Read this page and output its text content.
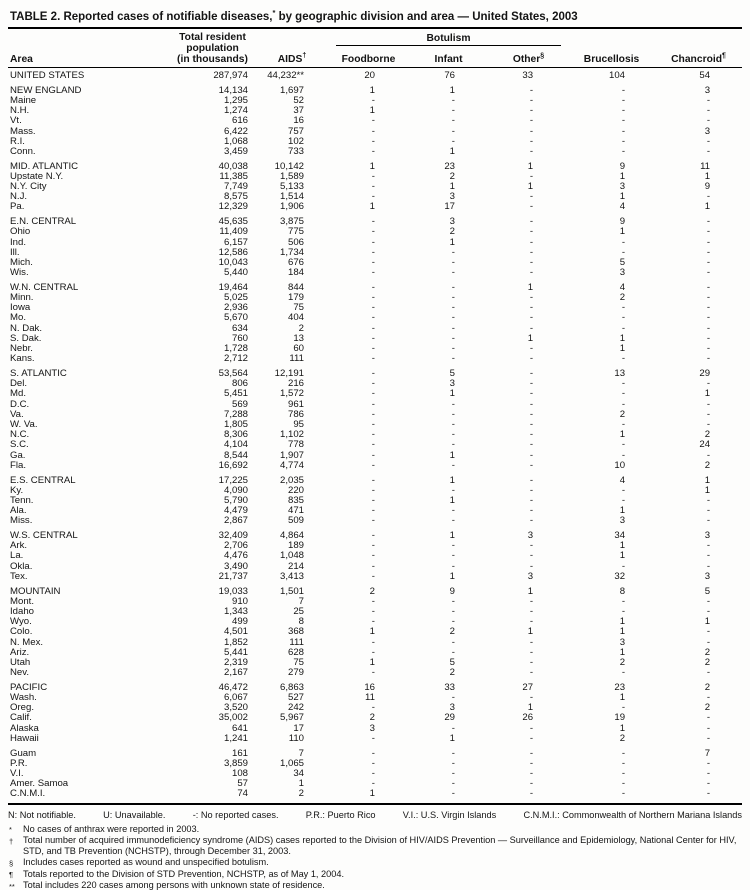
TABLE 2. Reported cases of notifiable diseases,* by geographic division and area — United States, 2003
Area	Total resident
population
(in thousands)	AIDS†	Botulism			Brucellosis	Chancroid¶
			Foodborne	Infant	Other§
UNITED STATES	287,974	44,232**	20	76	33	104	54
NEW ENGLAND	14,134	1,697	1	1	-	-	3
Maine	1,295	52	-	-	-	-	-
N.H.	1,274	37	1	-	-	-	-
Vt.	616	16	-	-	-	-	-
Mass.	6,422	757	-	-	-	-	3
R.I.	1,068	102	-	-	-	-	-
Conn.	3,459	733	-	1	-	-	-
MID. ATLANTIC	40,038	10,142	1	23	1	9	11
Upstate N.Y.	11,385	1,589	-	2	-	1	1
N.Y. City	7,749	5,133	-	1	1	3	9
N.J.	8,575	1,514	-	3	-	1	-
Pa.	12,329	1,906	1	17	-	4	1
E.N. CENTRAL	45,635	3,875	-	3	-	9	-
Ohio	11,409	775	-	2	-	1	-
Ind.	6,157	506	-	1	-	-	-
Ill.	12,586	1,734	-	-	-	-	-
Mich.	10,043	676	-	-	-	5	-
Wis.	5,440	184	-	-	-	3	-
W.N. CENTRAL	19,464	844	-	-	1	4	-
Minn.	5,025	179	-	-	-	2	-
Iowa	2,936	75	-	-	-	-	-
Mo.	5,670	404	-	-	-	-	-
N. Dak.	634	2	-	-	-	-	-
S. Dak.	760	13	-	-	1	1	-
Nebr.	1,728	60	-	-	-	1	-
Kans.	2,712	111	-	-	-	-	-
S. ATLANTIC	53,564	12,191	-	5	-	13	29
Del.	806	216	-	3	-	-	-
Md.	5,451	1,572	-	1	-	-	1
D.C.	569	961	-	-	-	-	-
Va.	7,288	786	-	-	-	2	-
W. Va.	1,805	95	-	-	-	-	-
N.C.	8,306	1,102	-	-	-	1	2
S.C.	4,104	778	-	-	-	-	24
Ga.	8,544	1,907	-	1	-	-	-
Fla.	16,692	4,774	-	-	-	10	2
E.S. CENTRAL	17,225	2,035	-	1	-	4	1
Ky.	4,090	220	-	-	-	-	1
Tenn.	5,790	835	-	1	-	-	-
Ala.	4,479	471	-	-	-	1	-
Miss.	2,867	509	-	-	-	3	-
W.S. CENTRAL	32,409	4,864	-	1	3	34	3
Ark.	2,706	189	-	-	-	1	-
La.	4,476	1,048	-	-	-	1	-
Okla.	3,490	214	-	-	-	-	-
Tex.	21,737	3,413	-	1	3	32	3
MOUNTAIN	19,033	1,501	2	9	1	8	5
Mont.	910	7	-	-	-	-	-
Idaho	1,343	25	-	-	-	-	-
Wyo.	499	8	-	-	-	1	1
Colo.	4,501	368	1	2	1	1	-
N. Mex.	1,852	111	-	-	-	3	-
Ariz.	5,441	628	-	-	-	1	2
Utah	2,319	75	1	5	-	2	2
Nev.	2,167	279	-	2	-	-	-
PACIFIC	46,472	6,863	16	33	27	23	2
Wash.	6,067	527	11	-	-	1	-
Oreg.	3,520	242	-	3	1	-	2
Calif.	35,002	5,967	2	29	26	19	-
Alaska	641	17	3	-	-	1	-
Hawaii	1,241	110	-	1	-	2	-
Guam	161	7	-	-	-	-	7
P.R.	3,859	1,065	-	-	-	-	-
V.I.	108	34	-	-	-	-	-
Amer. Samoa	57	1	-	-	-	-	-
C.N.M.I.	74	2	1	-	-	-	-
N: Not notifiable.	U: Unavailable.	-: No reported cases.	P.R.: Puerto Rico	V.I.: U.S. Virgin Islands	C.N.M.I.: Commonwealth of Northern Mariana Islands
*	No cases of anthrax were reported in 2003.
†	Total number of acquired immunodeficiency syndrome (AIDS) cases reported to the Division of HIV/AIDS Prevention — Surveillance and Epidemiology, National Center for HIV, STD, and TB Prevention (NCHSTP), through December 31, 2003.
§	Includes cases reported as wound and unspecified botulism.
¶	Totals reported to the Division of STD Prevention, NCHSTP, as of May 1, 2004.
** Total includes 220 cases among persons with unknown state of residence.
